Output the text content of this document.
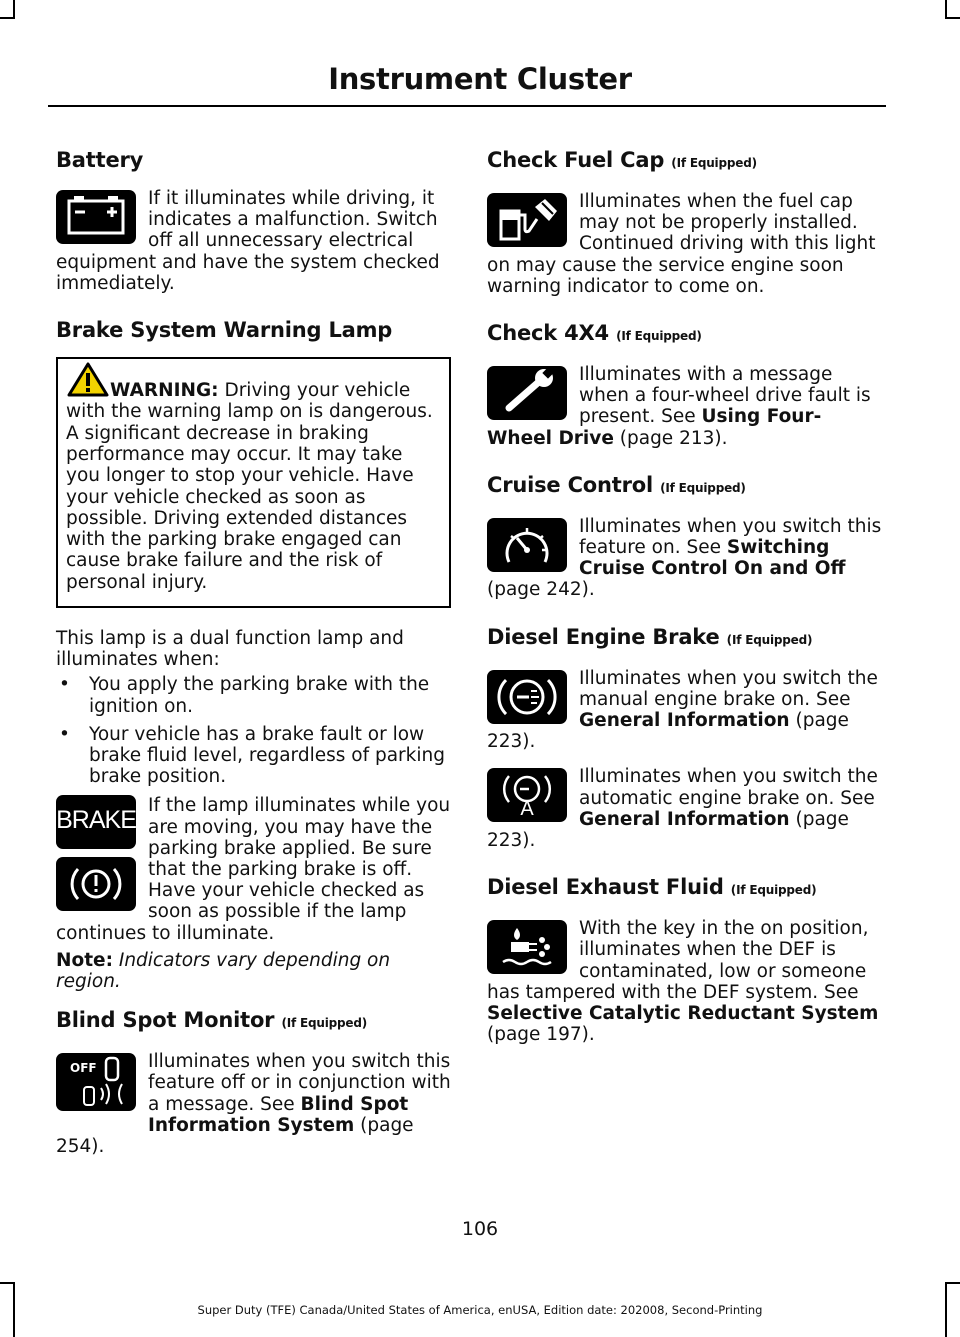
Instrument Cluster
Battery

If it illuminates while driving, it indicates a malfunction. Switch off all unnecessary electrical equipment and have the system checked immediately.

Brake System Warning Lamp

WARNING: Driving your vehicle with the warning lamp on is dangerous. A significant decrease in braking performance may occur. It may take you longer to stop your vehicle. Have your vehicle checked as soon as possible. Driving extended distances with the parking brake engaged can cause brake failure and the risk of personal injury.

This lamp is a dual function lamp and illuminates when:

• You apply the parking brake with the ignition on.
• Your vehicle has a brake fault or low brake fluid level, regardless of parking brake position.
BRAKE

If the lamp illuminates while you are moving, you may have the parking brake applied. Be sure that the parking brake is off. Have your vehicle checked as soon as possible if the lamp continues to illuminate.

Note: Indicators vary depending on region.

Blind Spot Monitor (If Equipped)
OFF	Illuminates when you switch this feature off or in conjunction with a message. See Blind Spot Information System (page 254).

Check Fuel Cap (If Equipped)

Illuminates when the fuel cap may not be properly installed. Continued driving with this light on may cause the service engine soon warning indicator to come on.

Check 4X4 (If Equipped)

Illuminates with a message when a four-wheel drive fault is present. See Using Four-Wheel Drive (page 213).

Cruise Control (If Equipped)

Illuminates when you switch this feature on. See Switching Cruise Control On and Off (page 242).

Diesel Engine Brake (If Equipped)

Illuminates when you switch the manual engine brake on. See General Information (page 223).

A

Illuminates when you switch the automatic engine brake on. See General Information (page 223).

Diesel Exhaust Fluid (If Equipped)

With the key in the on position, illuminates when the DEF is contaminated, low or someone has tampered with the DEF system. See Selective Catalytic Reductant System (page 197).

106
Super Duty (TFE) Canada/United States of America, enUSA, Edition date: 202008, Second-Printing
